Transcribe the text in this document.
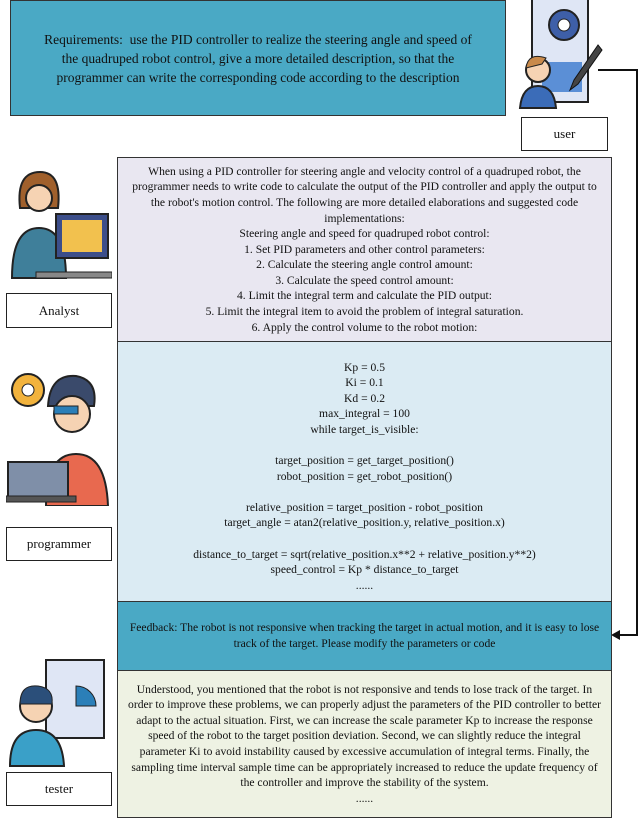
Requirements:  use the PID controller to realize the steering angle and speed of the quadruped robot control, give a more detailed description, so that the programmer can write the corresponding code according to the description

user
Analyst

When using a PID controller for steering angle and velocity control of a quadruped robot, the programmer needs to write code to calculate the output of the PID controller and apply the output to the robot's motion control. The following are more detailed elaborations and suggested code implementations:

Steering angle and speed for quadruped robot control:

1. Set PID parameters and other control parameters:

2. Calculate the steering angle control amount:

3. Calculate the speed control amount:

4. Limit the integral term and calculate the PID output:

5. Limit the integral item to avoid the problem of integral saturation.

6. Apply the control volume to the robot motion:

programmer

Kp = 0.5

Ki = 0.1

Kd = 0.2

max_integral = 100

while target_is_visible:

target_position = get_target_position()

robot_position = get_robot_position()

relative_position = target_position - robot_position

target_angle = atan2(relative_position.y, relative_position.x)

distance_to_target = sqrt(relative_position.x**2 + relative_position.y**2)

speed_control = Kp * distance_to_target

......

Feedback: The robot is not responsive when tracking the target in actual motion, and it is easy to lose track of the target. Please modify the parameters or code

tester

Understood, you mentioned that the robot is not responsive and tends to lose track of the target. In order to improve these problems, we can properly adjust the parameters of the PID controller to better adapt to the actual situation. First, we can increase the scale parameter Kp to increase the response speed of the robot to the target position deviation. Second, we can slightly reduce the integral parameter Ki to avoid instability caused by excessive accumulation of integral terms. Finally, the sampling time interval sample time can be appropriately increased to reduce the update frequency of the controller and improve the stability of the system.

......
